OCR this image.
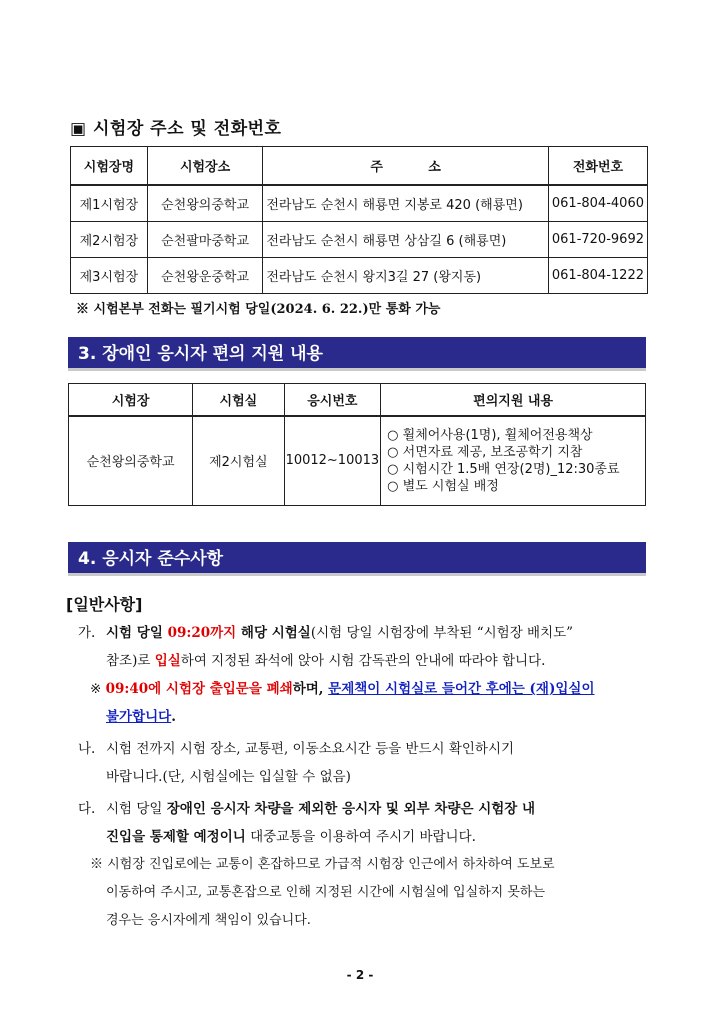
▣ 시험장 주소 및 전화번호
시험장명	시험장소	주          소	전화번호
제1시험장	순천왕의중학교	전라남도 순천시 해룡면 지봉로 420 (해룡면)	061-804-4060
제2시험장	순천팔마중학교	전라남도 순천시 해룡면 상삼길 6 (해룡면)	061-720-9692
제3시험장	순천왕운중학교	전라남도 순천시 왕지3길 27 (왕지동)	061-804-1222
※ 시험본부 전화는 필기시험 당일(2024. 6. 22.)만 통화 가능
3. 장애인 응시자 편의 지원 내용
시험장	시험실	응시번호	편의지원 내용
순천왕의중학교	제2시험실	10012~10013	○ 휠체어사용(1명), 휠체어전용책상
○ 서면자료 제공, 보조공학기 지참
○ 시험시간 1.5배 연장(2명)_12:30종료
○ 별도 시험실 배정
4. 응시자 준수사항
[일반사항]
가. 시험 당일 09:20까지 해당 시험실(시험 당일 시험장에 부착된 “시험장 배치도”
참조)로 입실하여 지정된 좌석에 앉아 시험 감독관의 안내에 따라야 합니다.
※ 09:40에 시험장 출입문을 폐쇄하며, 문제책이 시험실로 들어간 후에는 (재)입실이
불가합니다.
나. 시험 전까지 시험 장소, 교통편, 이동소요시간 등을 반드시 확인하시기
바랍니다.(단, 시험실에는 입실할 수 없음)
다. 시험 당일 장애인 응시자 차량을 제외한 응시자 및 외부 차량은 시험장 내
진입을 통제할 예정이니 대중교통을 이용하여 주시기 바랍니다.
※ 시험장 진입로에는 교통이 혼잡하므로 가급적 시험장 인근에서 하차하여 도보로
이동하여 주시고, 교통혼잡으로 인해 지정된 시간에 시험실에 입실하지 못하는
경우는 응시자에게 책임이 있습니다.
- 2 -
